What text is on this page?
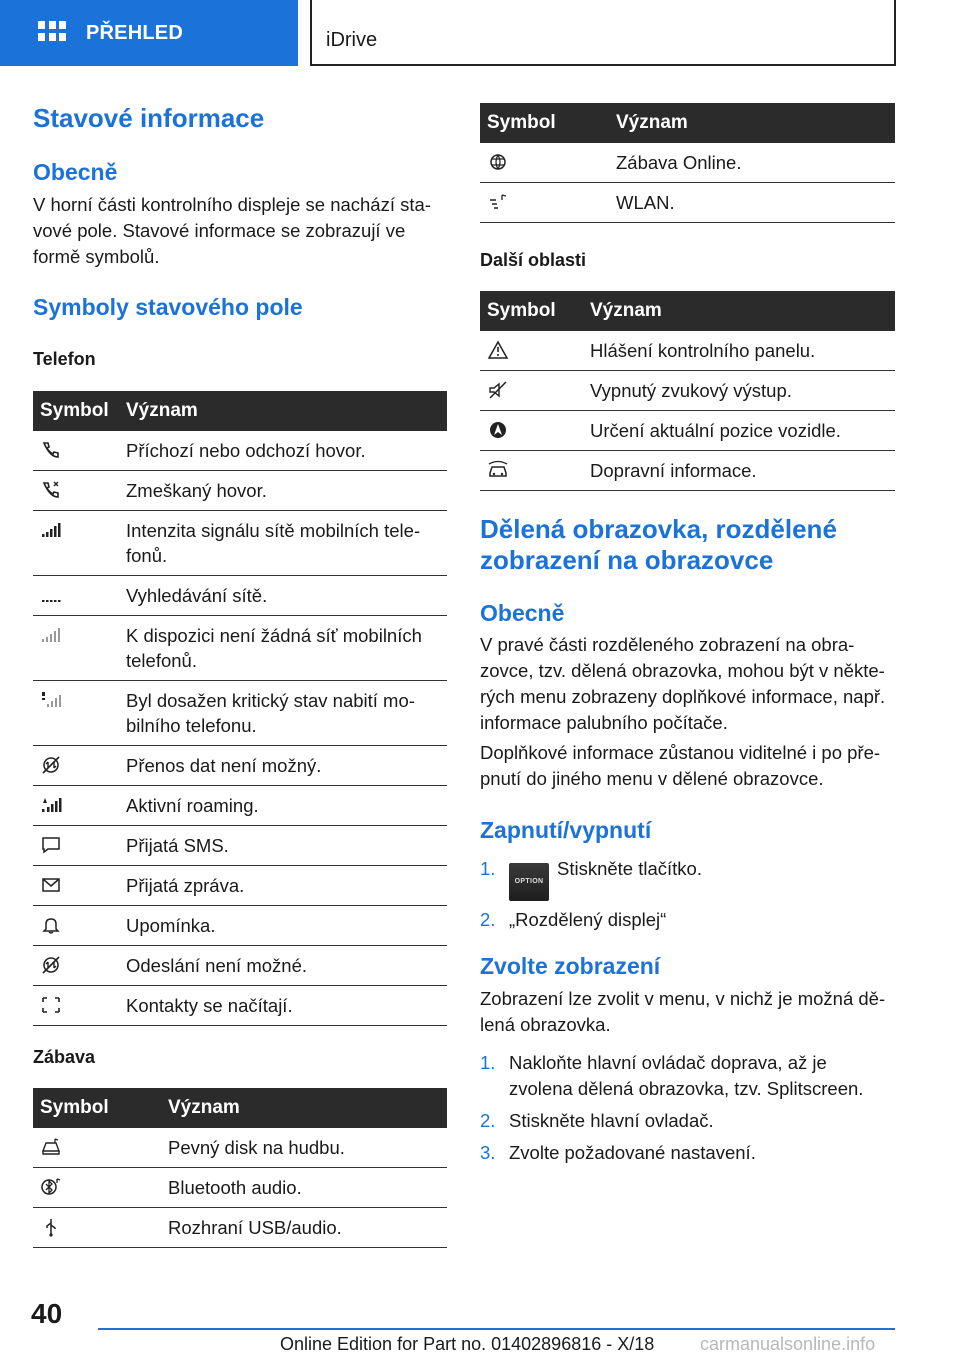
PŘEHLED	iDrive
Stavové informace
Obecně

V horní části kontrolního displeje se nachází sta-vové pole. Stavové informace se zobrazují ve formě symbolů.

Symboly stavového pole
Telefon
Symbol	Význam

	Příchozí nebo odchozí hovor.

	Zmeškaný hovor.

	Intenzita signálu sítě mobilních tele-fonů.

	Vyhledávání sítě.

	K dispozici není žádná síť mobilních telefonů.

	Byl dosažen kritický stav nabití mo-bilního telefonu.

	Přenos dat není možný.

	Aktivní roaming.

	Přijatá SMS.

	Přijatá zpráva.

	Upomínka.

	Odeslání není možné.

	Kontakty se načítají.
Zábava
Symbol	Význam

	Pevný disk na hudbu.

	Bluetooth audio.

	Rozhraní USB/audio.
Symbol	Význam

	Zábava Online.

	WLAN.
Další oblasti
Symbol	Význam

	Hlášení kontrolního panelu.

	Vypnutý zvukový výstup.

	Určení aktuální pozice vozidle.

	Dopravní informace.
Dělená obrazovka, rozdělené zobrazení na obrazovce
Obecně

V pravé části rozděleného zobrazení na obra-zovce, tzv. dělená obrazovka, mohou být v někte-rých menu zobrazeny doplňkové informace, např. informace palubního počítače.

Doplňkové informace zůstanou viditelné i po pře-pnutí do jiného menu v dělené obrazovce.

Zapnutí/vypnutí
1.
OPTIONStiskněte tlačítko.
2. „Rozdělený displej“
Zvolte zobrazení

Zobrazení lze zvolit v menu, v nichž je možná dě-lená obrazovka.

1. Nakloňte hlavní ovládač doprava, až je zvolena dělená obrazovka, tzv. Splitscreen.
2. Stiskněte hlavní ovladač.
3. Zvolte požadované nastavení.
40
Online Edition for Part no. 01402896816 - X/18	carmanualsonline.info
